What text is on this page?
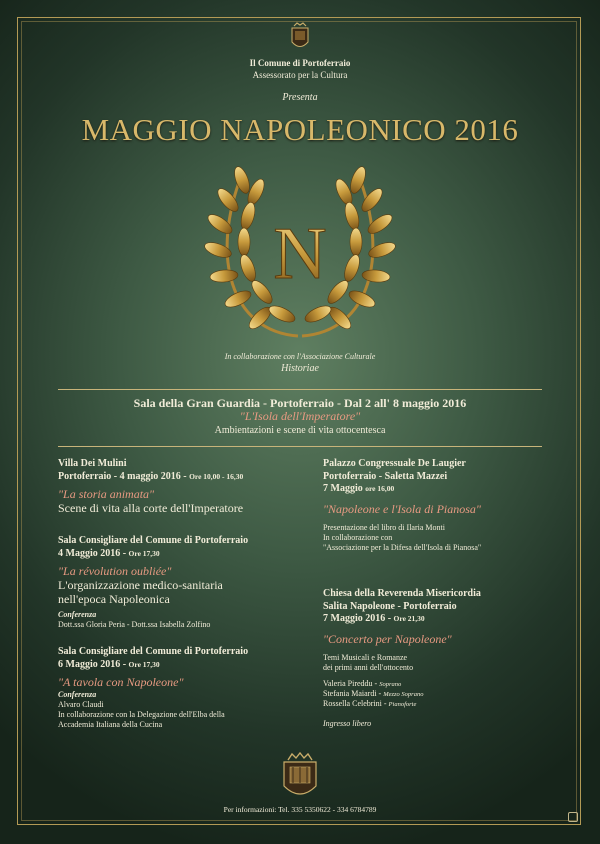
Il Comune di Portoferraio
Assessorato per la Cultura
Presenta
MAGGIO NAPOLEONICO 2016
N
In collaborazione con l'Associazione Culturale
Historiae
Sala della Gran Guardia - Portoferraio - Dal 2 all' 8 maggio 2016
"L'Isola dell'Imperatore"
Ambientazioni e scene di vita ottocentesca
Villa Dei Mulini
Portoferraio - 4 maggio 2016 - Ore 10,00 - 16,30
"La storia animata"
Scene di vita alla corte dell'Imperatore
Sala Consigliare del Comune di Portoferraio
4 Maggio 2016 - Ore 17,30
"La révolution oubliée"
L'organizzazione medico-sanitaria
nell'epoca Napoleonica
Conferenza
Dott.ssa Gloria Peria - Dott.ssa Isabella Zolfino
Sala Consigliare del Comune di Portoferraio
6 Maggio 2016 - Ore 17,30
"A tavola con Napoleone"
Conferenza
Alvaro Claudi
In collaborazione con la Delegazione dell'Elba della
Accademia Italiana della Cucina
Palazzo Congressuale De Laugier
Portoferraio - Saletta Mazzei
7 Maggio ore 16,00
"Napoleone e l'Isola di Pianosa"
Presentazione del libro di Ilaria Monti
In collaborazione con
"Associazione per la Difesa dell'Isola di Pianosa"
Chiesa della Reverenda Misericordia
Salita Napoleone - Portoferraio
7 Maggio 2016 - Ore 21,30
"Concerto per Napoleone"
Temi Musicali e Romanze
dei primi anni dell'ottocento
Valeria Pireddu - Soprano
Stefania Maiardi - Mezzo Soprano
Rossella Celebrini - Pianoforte
Ingresso libero
Per informazioni: Tel. 335 5350622 - 334 6784789
